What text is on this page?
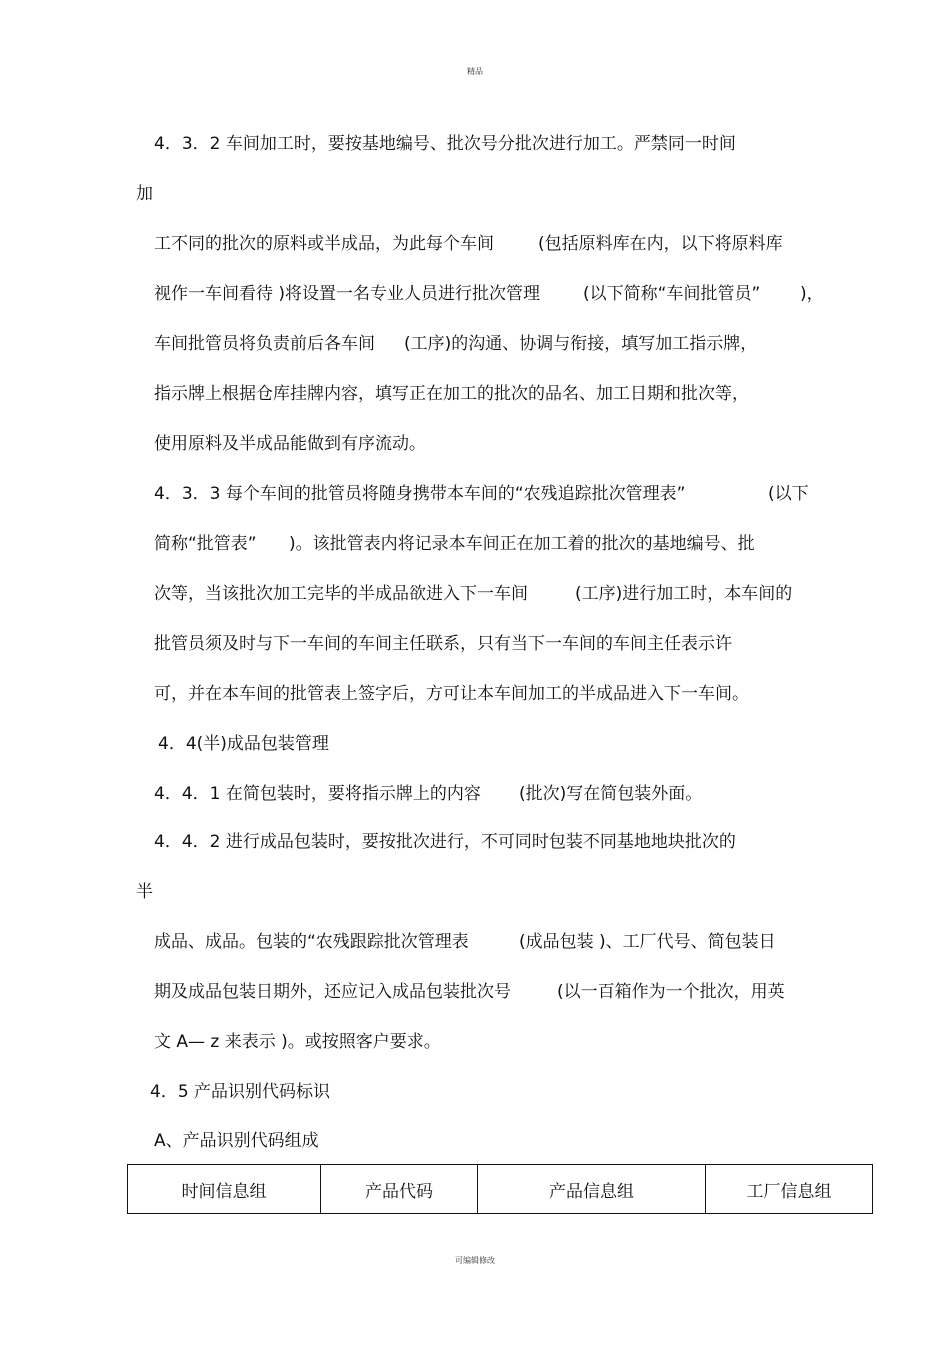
精品
4．3．2 车间加工时，要按基地编号、批次号分批次进行加工。严禁同一时间
加
工不同的批次的原料或半成品，为此每个车间	(包括原料库在内，以下将原料库
视作一车间看待 )将设置一名专业人员进行批次管理	(以下简称“车间批管员” )，
车间批管员将负责前后各车间 (工序)的沟通、协调与衔接，填写加工指示牌，
指示牌上根据仓库挂牌内容，填写正在加工的批次的品名、加工日期和批次等，
使用原料及半成品能做到有序流动。
4．3．3 每个车间的批管员将随身携带本车间的“农残追踪批次管理表”	(以下
简称“批管表” )。该批管表内将记录本车间正在加工着的批次的基地编号、批
次等，当该批次加工完毕的半成品欲进入下一车间	(工序)进行加工时，本车间的
批管员须及时与下一车间的车间主任联系，只有当下一车间的车间主任表示许
可，并在本车间的批管表上签字后，方可让本车间加工的半成品进入下一车间。
4．4(半)成品包装管理
4．4．1 在简包装时，要将指示牌上的内容 (批次)写在简包装外面。
4．4．2 进行成品包装时，要按批次进行，不可同时包装不同基地地块批次的
半
成品、成品。包装的“农残跟踪批次管理表	(成品包装 )、工厂代号、简包装日
期及成品包装日期外，还应记入成品包装批次号	(以一百箱作为一个批次，用英
文 A— z 来表示 )。或按照客户要求。
4．5 产品识别代码标识
A、产品识别代码组成
时间信息组	产品代码	产品信息组	工厂信息组
可编辑修改
